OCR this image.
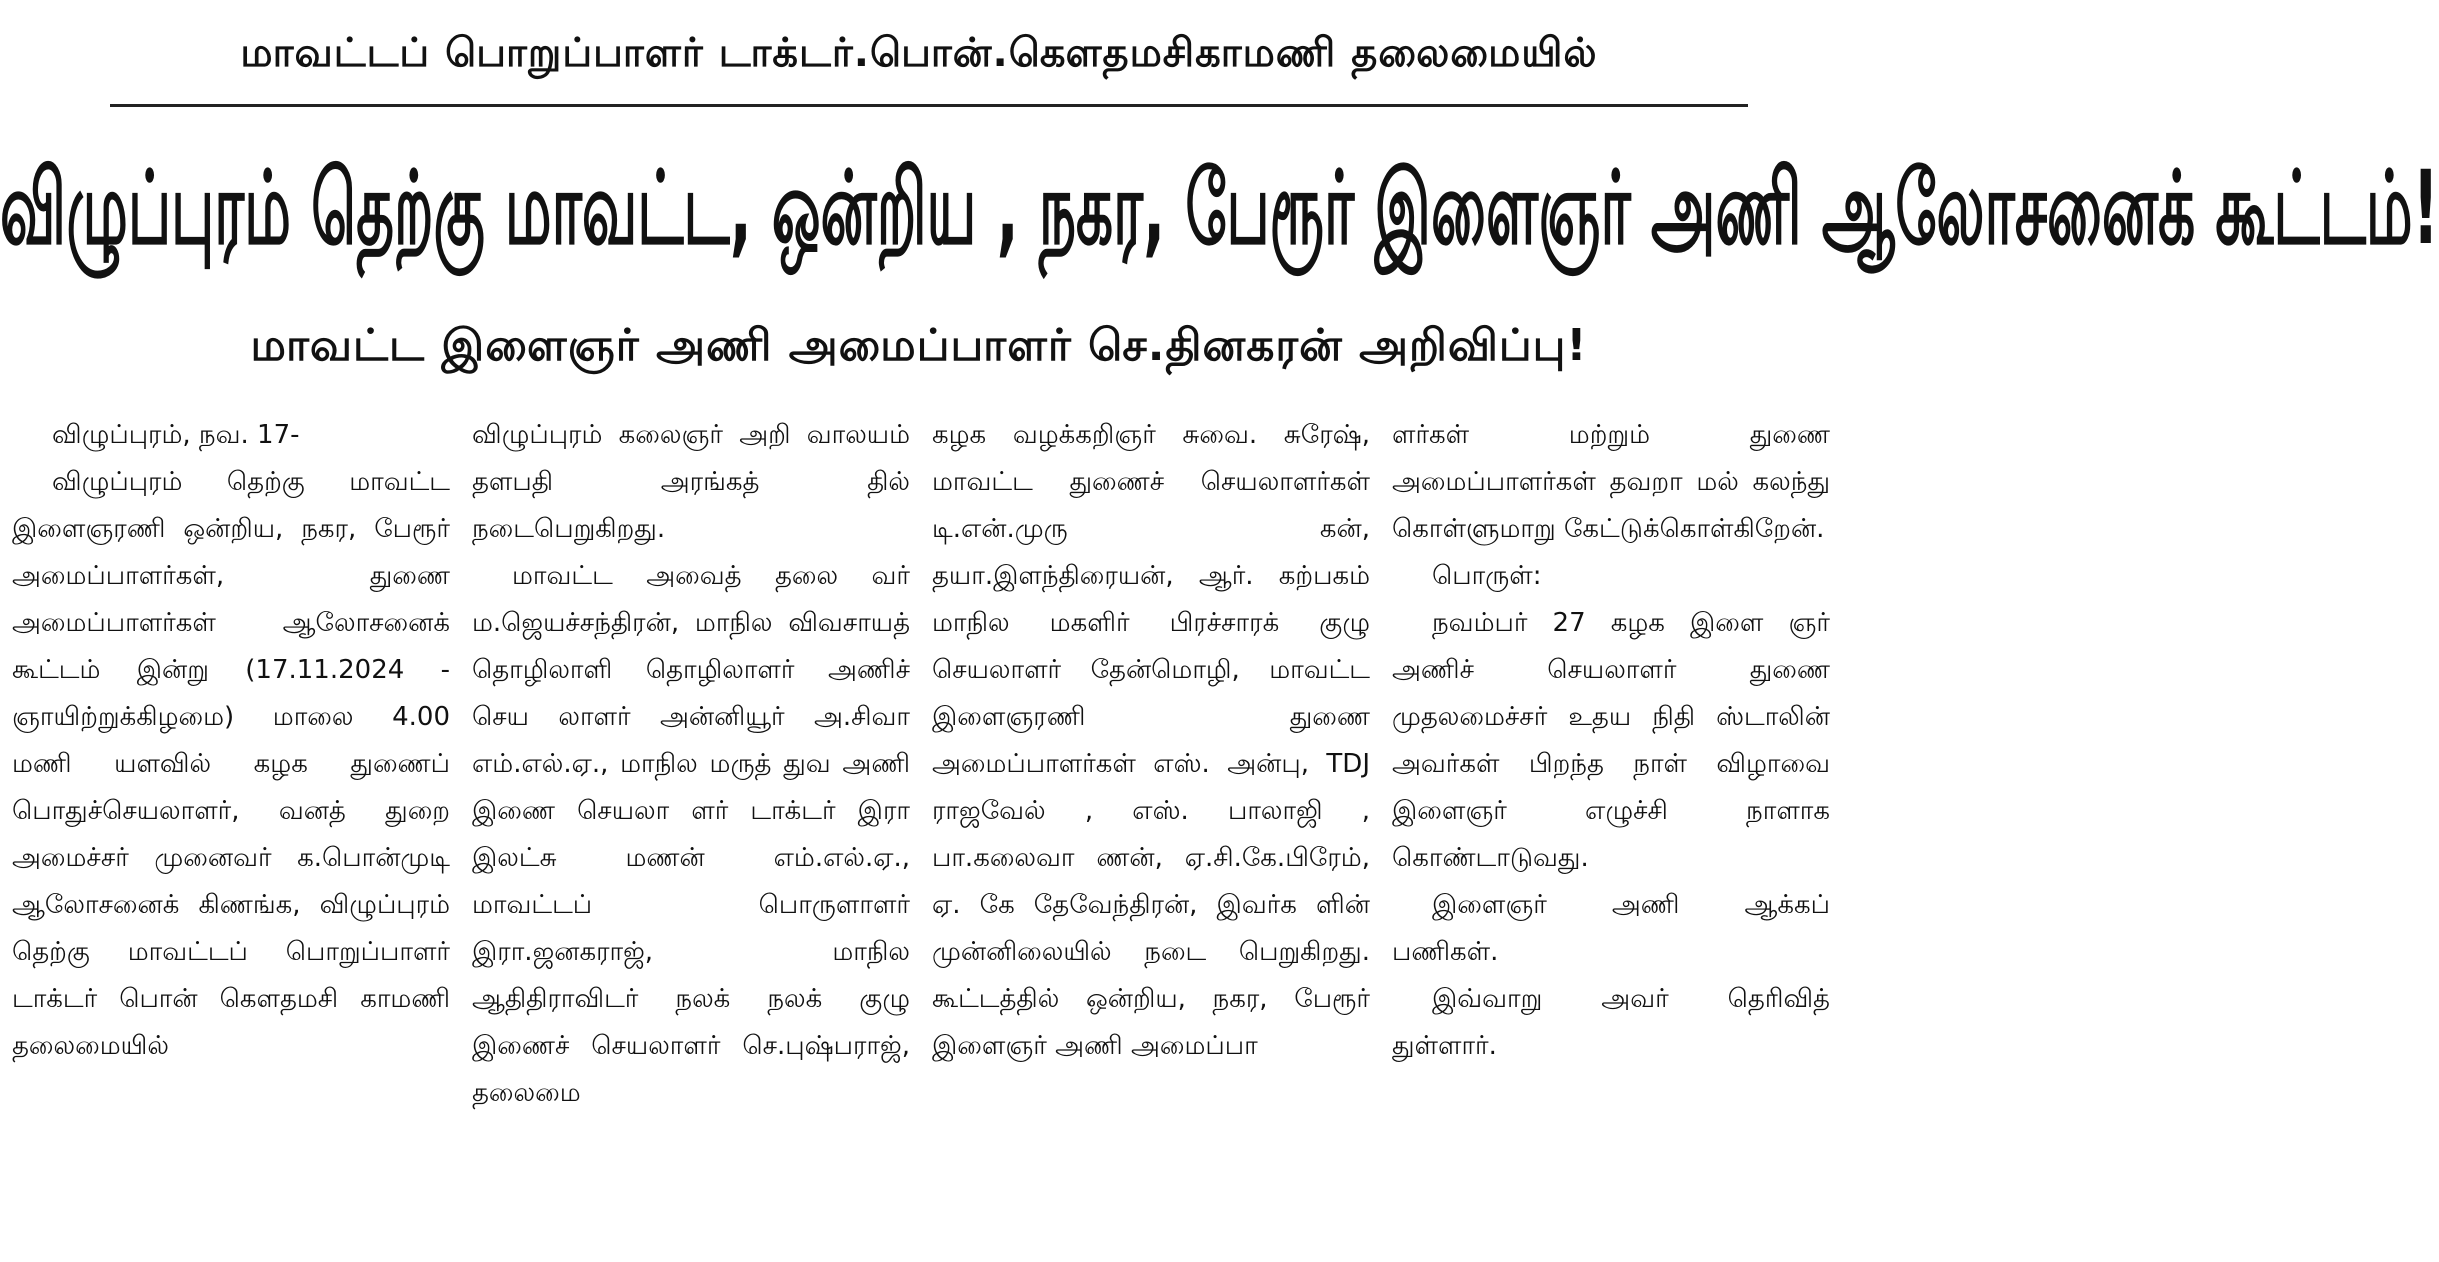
மாவட்டப் பொறுப்பாளர் டாக்டர்.பொன்.கௌதமசிகாமணி தலைமையில்
விழுப்புரம் தெற்கு மாவட்ட, ஒன்றிய , நகர, பேரூர் இளைஞர் அணி ஆலோசனைக் கூட்டம்!
மாவட்ட இளைஞர் அணி அமைப்பாளர் செ.தினகரன் அறிவிப்பு!

விழுப்புரம், நவ. 17-

விழுப்புரம் தெற்கு மாவட்ட இளைஞரணி ஒன்றிய, நகர, பேரூர் அமைப்பாளர்கள், துணை அமைப்பாளர்கள் ஆலோசனைக் கூட்டம் இன்று (17.11.2024 - ஞாயிற்றுக்கிழமை) மாலை 4.00 மணி யளவில் கழக துணைப் பொதுச்செயலாளர், வனத் துறை அமைச்சர் முனைவர் க.பொன்முடி ஆலோசனைக் கிணங்க, விழுப்புரம் தெற்கு மாவட்டப் பொறுப்பாளர் டாக்டர் பொன் கௌதமசி காமணி தலைமையில்

விழுப்புரம் கலைஞர் அறி வாலயம் தளபதி அரங்கத் தில் நடைபெறுகிறது.

மாவட்ட அவைத் தலை வர் ம.ஜெயச்சந்திரன், மாநில விவசாயத் தொழிலாளி தொழிலாளர் அணிச் செய லாளர் அன்னியூர் அ.சிவா எம்.எல்.ஏ., மாநில மருத் துவ அணி இணை செயலா ளர் டாக்டர் இரா இலட்சு மணன் எம்.எல்.ஏ., மாவட்டப் பொருளாளர் இரா.ஜனகராஜ், மாநில ஆதிதிராவிடர் நலக் நலக் குழு இணைச் செயலாளர் செ.புஷ்பராஜ், தலைமை

கழக வழக்கறிஞர் சுவை. சுரேஷ், மாவட்ட துணைச் செயலாளர்கள் டி.என்.முரு கன், தயா.இளந்திரையன், ஆர். கற்பகம் மாநில மகளிர் பிரச்சாரக் குழு செயலாளர் தேன்மொழி, மாவட்ட இளைஞரணி துணை அமைப்பாளர்கள் எஸ். அன்பு, TDJ ராஜவேல் , எஸ். பாலாஜி , பா.கலைவா ணன், ஏ.சி.கே.பிரேம், ஏ. கே தேவேந்திரன், இவர்க ளின் முன்னிலையில் நடை பெறுகிறது. கூட்டத்தில் ஒன்றிய, நகர, பேரூர் இளைஞர் அணி அமைப்பா

ளர்கள் மற்றும் துணை அமைப்பாளர்கள் தவறா மல் கலந்து கொள்ளுமாறு கேட்டுக்கொள்கிறேன்.

பொருள்:

நவம்பர் 27 கழக இளை ஞர் அணிச் செயலாளர் துணை முதலமைச்சர் உதய நிதி ஸ்டாலின் அவர்கள் பிறந்த நாள் விழாவை இளைஞர் எழுச்சி நாளாக கொண்டாடுவது.

இளைஞர் அணி ஆக்கப் பணிகள்.

இவ்வாறு அவர் தெரிவித் துள்ளார்.
